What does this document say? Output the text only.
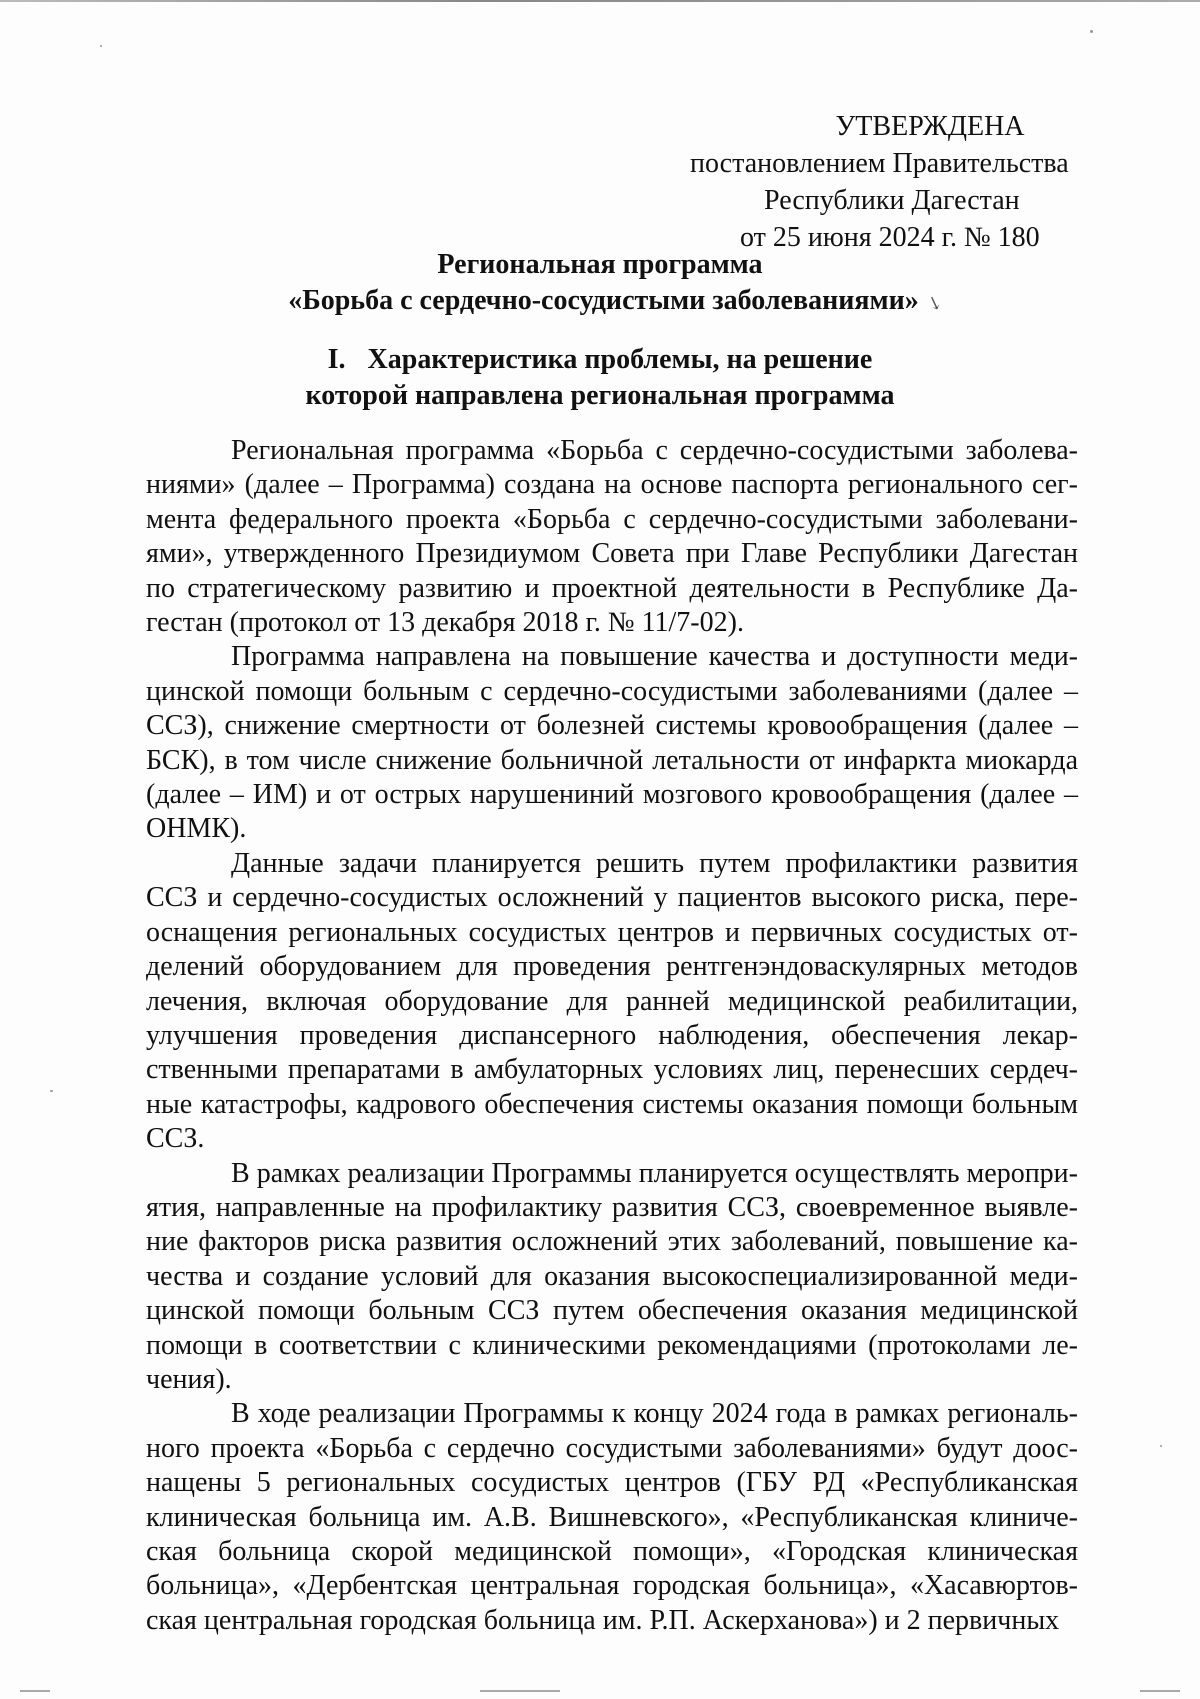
УТВЕРЖДЕНА
постановлением Правительства
Республики Дагестан
от 25 июня 2024 г. № 180
Региональная программа
«Борьба с сердечно-сосудистыми заболеваниями» ↘
I. Характеристика проблемы, на решение
которой направлена региональная программа

Региональная программа «Борьба с сердечно-сосудистыми заболеваниями» (далее – Программа) создана на основе паспорта регионального сегмента федерального проекта «Борьба с сердечно-сосудистыми заболеваниями», утвержденного Президиумом Совета при Главе Республики Дагестан по стратегическому развитию и проектной деятельности в Республике Дагестан (протокол от 13 декабря 2018 г. № 11/7-02).

Программа направлена на повышение качества и доступности медицинской помощи больным с сердечно-сосудистыми заболеваниями (далее – ССЗ), снижение смертности от болезней системы кровообращения (далее – БСК), в том числе снижение больничной летальности от инфаркта миокарда (далее – ИМ) и от острых нарушениний мозгового кровообращения (далее – ОНМК).

Данные задачи планируется решить путем профилактики развития ССЗ и сердечно-сосудистых осложнений у пациентов высокого риска, переоснащения региональных сосудистых центров и первичных сосудистых отделений оборудованием для проведения рентгенэндоваскулярных методов лечения, включая оборудование для ранней медицинской реабилитации, улучшения проведения диспансерного наблюдения, обеспечения лекарственными препаратами в амбулаторных условиях лиц, перенесших сердечные катастрофы, кадрового обеспечения системы оказания помощи больным ССЗ.

В рамках реализации Программы планируется осуществлять мероприятия, направленные на профилактику развития ССЗ, своевременное выявление факторов риска развития осложнений этих заболеваний, повышение качества и создание условий для оказания высокоспециализированной медицинской помощи больным ССЗ путем обеспечения оказания медицинской помощи в соответствии с клиническими рекомендациями (протоколами лечения).

В ходе реализации Программы к концу 2024 года в рамках регионального проекта «Борьба с сердечно сосудистыми заболеваниями» будут дооснащены 5 региональных сосудистых центров (ГБУ РД «Республиканская клиническая больница им. А.В. Вишневского», «Республиканская клиническая больница скорой медицинской помощи», «Городская клиническая больница», «Дербентская центральная городская больница», «Хасавюртовская центральная городская больница им. Р.П. Аскерханова») и 2 первичных
